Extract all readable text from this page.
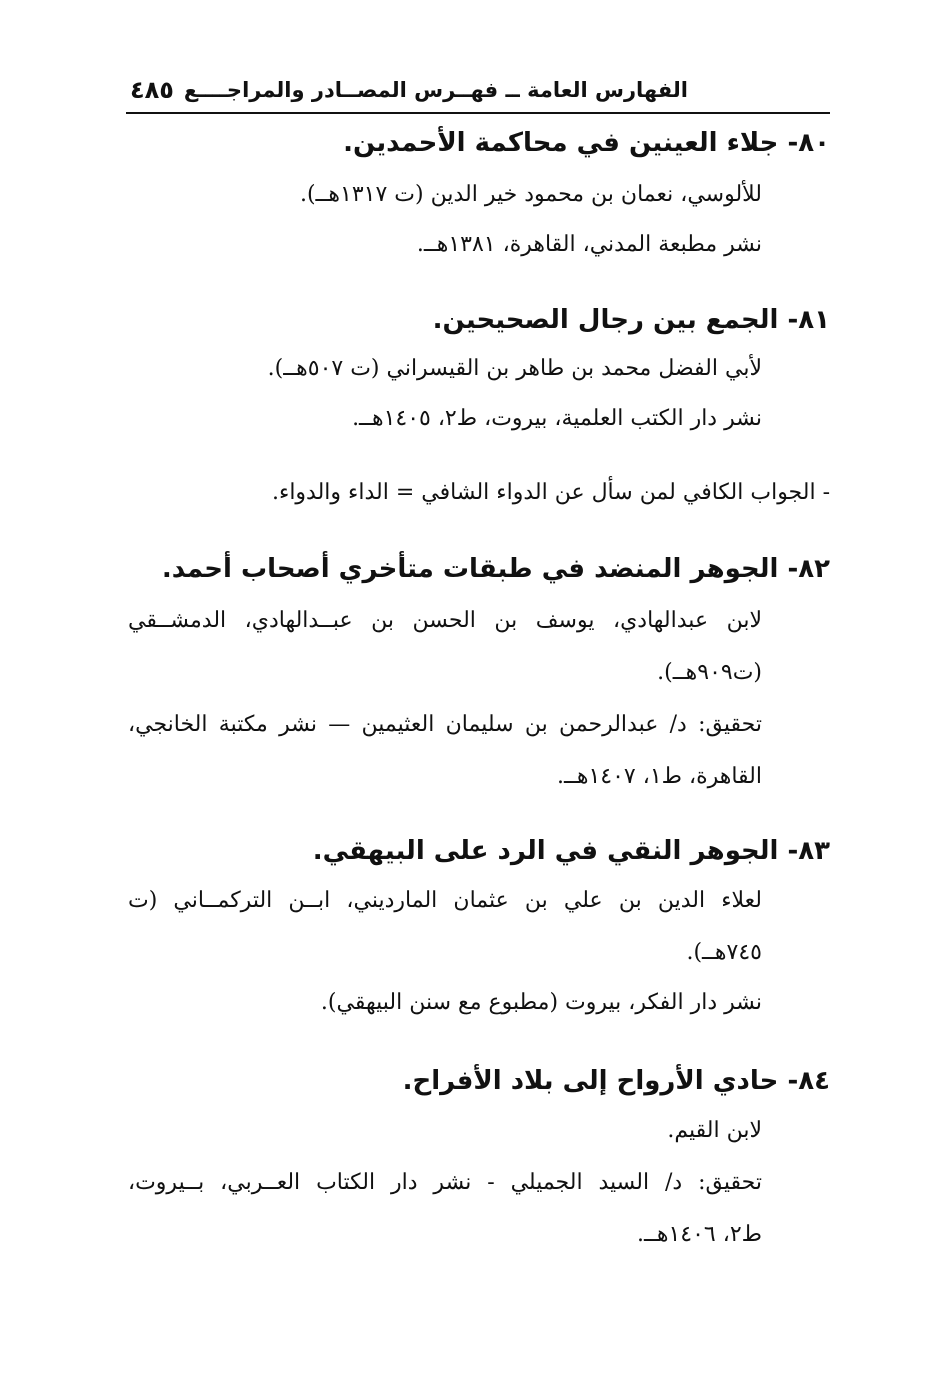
الفهارس العامة ــ فهــرس المصــادر والمراجــــع
٤٨٥
٨٠- جلاء العينين في محاكمة الأحمدين.
للألوسي، نعمان بن محمود خير الدين (ت ١٣١٧هــ).
نشر مطبعة المدني، القاهرة، ١٣٨١هــ.
٨١- الجمع بين رجال الصحيحين.
لأبي الفضل محمد بن طاهر بن القيسراني (ت ٥٠٧هــ).
نشر دار الكتب العلمية، بيروت، ط٢، ١٤٠٥هــ.
- الجواب الكافي لمن سأل عن الدواء الشافي = الداء والدواء.
٨٢- الجوهر المنضد في طبقات متأخري أصحاب أحمد.
لابن عبدالهادي، يوسف بن الحسن بن عبــدالهادي، الدمشــقي
(ت٩٠٩هــ).
تحقيق: د/ عبدالرحمن بن سليمان العثيمين — نشر مكتبة الخانجي،
القاهرة، ط١، ١٤٠٧هــ.
٨٣- الجوهر النقي في الرد على البيهقي.
لعلاء الدين بن علي بن عثمان المارديني، ابــن التركمــاني (ت
٧٤٥هــ).
نشر دار الفكر، بيروت (مطبوع مع سنن البيهقي).
٨٤- حادي الأرواح إلى بلاد الأفراح.
لابن القيم.
تحقيق: د/ السيد الجميلي - نشر دار الكتاب العــربي، بــيروت،
ط٢، ١٤٠٦هــ.
